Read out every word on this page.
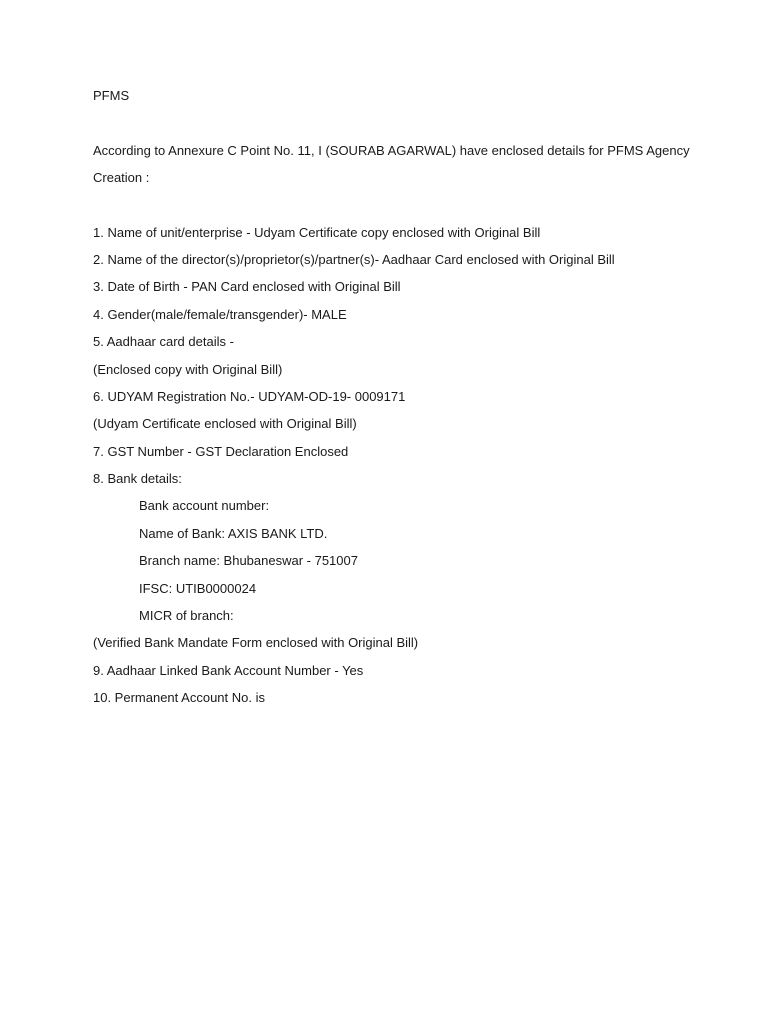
PFMS
According to Annexure C Point No. 11, I (SOURAB AGARWAL) have enclosed details for PFMS Agency
Creation :
1. Name of unit/enterprise - Udyam Certificate copy enclosed with Original Bill
2. Name of the director(s)/proprietor(s)/partner(s)- Aadhaar Card enclosed with Original Bill
3. Date of Birth - PAN Card enclosed with Original Bill
4. Gender(male/female/transgender)- MALE
5. Aadhaar card details -
(Enclosed copy with Original Bill)
6. UDYAM Registration No.- UDYAM-OD-19- 0009171
(Udyam Certificate enclosed with Original Bill)
7. GST Number - GST Declaration Enclosed
8. Bank details:
Bank account number:
Name of Bank: AXIS BANK LTD.
Branch name: Bhubaneswar - 751007
IFSC: UTIB0000024
MICR of branch:
(Verified Bank Mandate Form enclosed with Original Bill)
9. Aadhaar Linked Bank Account Number - Yes
10. Permanent Account No. is
